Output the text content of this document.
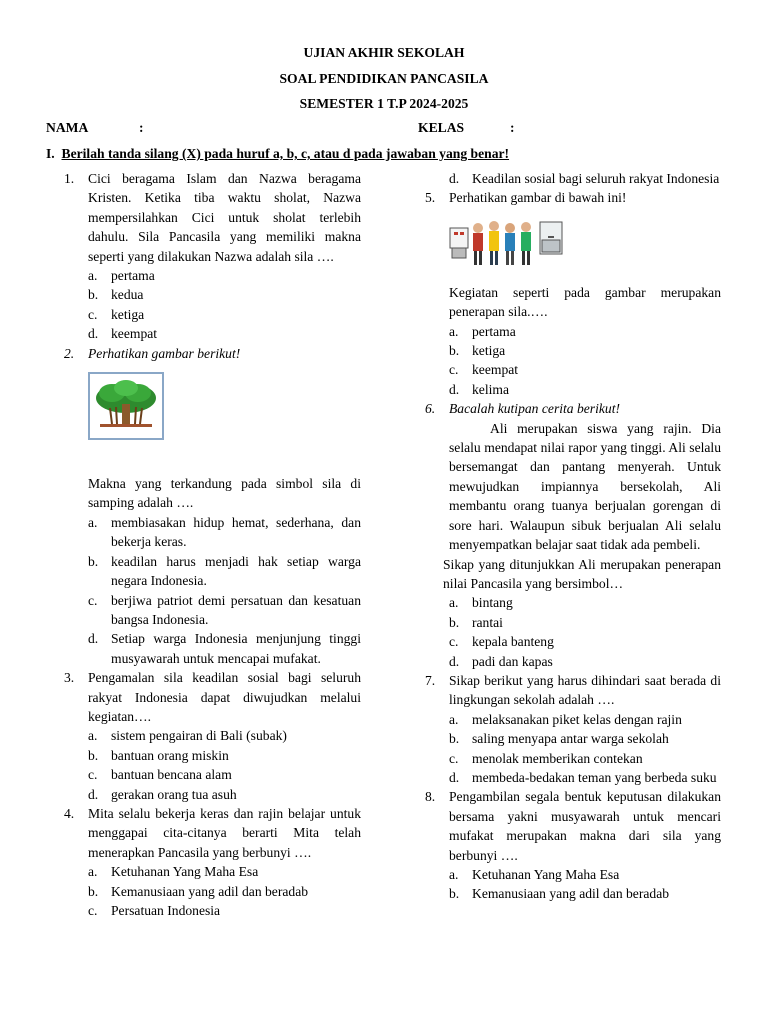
UJIAN AKHIR SEKOLAH
SOAL PENDIDIKAN PANCASILA
SEMESTER 1 T.P 2024-2025
NAMA	:	KELAS	:
I. Berilah tanda silang (X) pada huruf a, b, c, atau d pada jawaban yang benar!
1. Cici beragama Islam dan Nazwa beragama Kristen. Ketika tiba waktu sholat, Nazwa mempersilahkan Cici untuk sholat terlebih dahulu. Sila Pancasila yang memiliki makna seperti yang dilakukan Nazwa adalah sila ….
a. pertama
b. kedua
c. ketiga
d. keempat
2. Perhatikan gambar berikut!
Makna yang terkandung pada simbol sila di samping adalah ….
a. membiasakan hidup hemat, sederhana, dan bekerja keras.
b. keadilan harus menjadi hak setiap warga negara Indonesia.
c. berjiwa patriot demi persatuan dan kesatuan bangsa Indonesia.
d. Setiap warga Indonesia menjunjung tinggi musyawarah untuk mencapai mufakat.
3. Pengamalan sila keadilan sosial bagi seluruh rakyat Indonesia dapat diwujudkan melalui kegiatan….
a. sistem pengairan di Bali (subak)
b. bantuan orang miskin
c. bantuan bencana alam
d. gerakan orang tua asuh
4. Mita selalu bekerja keras dan rajin belajar untuk menggapai cita-citanya berarti Mita telah menerapkan Pancasila yang berbunyi ….
a. Ketuhanan Yang Maha Esa
b. Kemanusiaan yang adil dan beradab
c. Persatuan Indonesia
d. Keadilan sosial bagi seluruh rakyat Indonesia
5. Perhatikan gambar di bawah ini!
Kegiatan seperti pada gambar merupakan penerapan sila.….
a. pertama
b. ketiga
c. keempat
d. kelima
6. Bacalah kutipan cerita berikut!
Ali merupakan siswa yang rajin. Dia selalu mendapat nilai rapor yang tinggi. Ali selalu bersemangat dan pantang menyerah. Untuk mewujudkan impiannya bersekolah, Ali membantu orang tuanya berjualan gorengan di sore hari. Walaupun sibuk berjualan Ali selalu menyempatkan belajar saat tidak ada pembeli.
Sikap yang ditunjukkan Ali merupakan penerapan nilai Pancasila yang bersimbol…
a. bintang
b. rantai
c. kepala banteng
d. padi dan kapas
7. Sikap berikut yang harus dihindari saat berada di lingkungan sekolah adalah ….
a. melaksanakan piket kelas dengan rajin
b. saling menyapa antar warga sekolah
c. menolak memberikan contekan
d. membeda-bedakan teman yang berbeda suku
8. Pengambilan segala bentuk keputusan dilakukan bersama yakni musyawarah untuk mencari mufakat merupakan makna dari sila yang berbunyi ….
a. Ketuhanan Yang Maha Esa
b. Kemanusiaan yang adil dan beradab
